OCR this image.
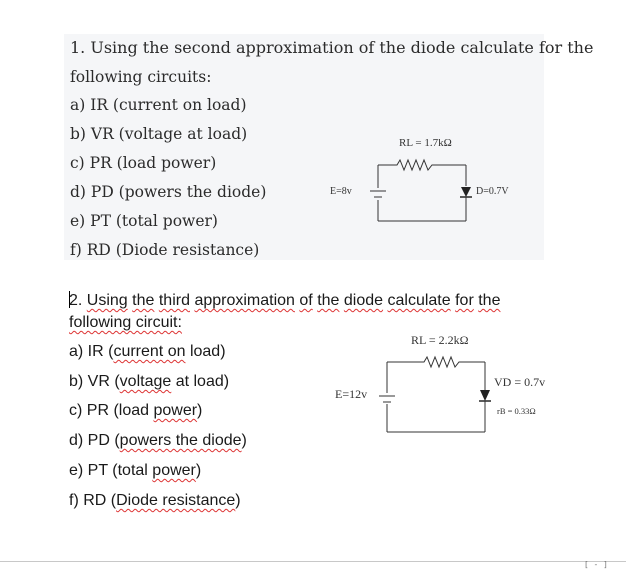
1. Using the second approximation of the diode calculate for the
following circuits:
a) IR (current on load)
b) VR (voltage at load)
c) PR (load power)
d) PD (powers the diode)
e) PT (total power)
f) RD (Diode resistance)
RL = 1.7kΩ
E=8v	D=0.7V
2. Using the third approximation of the diode calculate for the
following circuit:
a) IR (current on load)
b) VR (voltage at load)
c) PR (load power)
d) PD (powers the diode)
e) PT (total power)
f) RD (Diode resistance)
RL = 2.2kΩ
E=12v
VD = 0.7v
rB = 0.33Ω
[ - ]
